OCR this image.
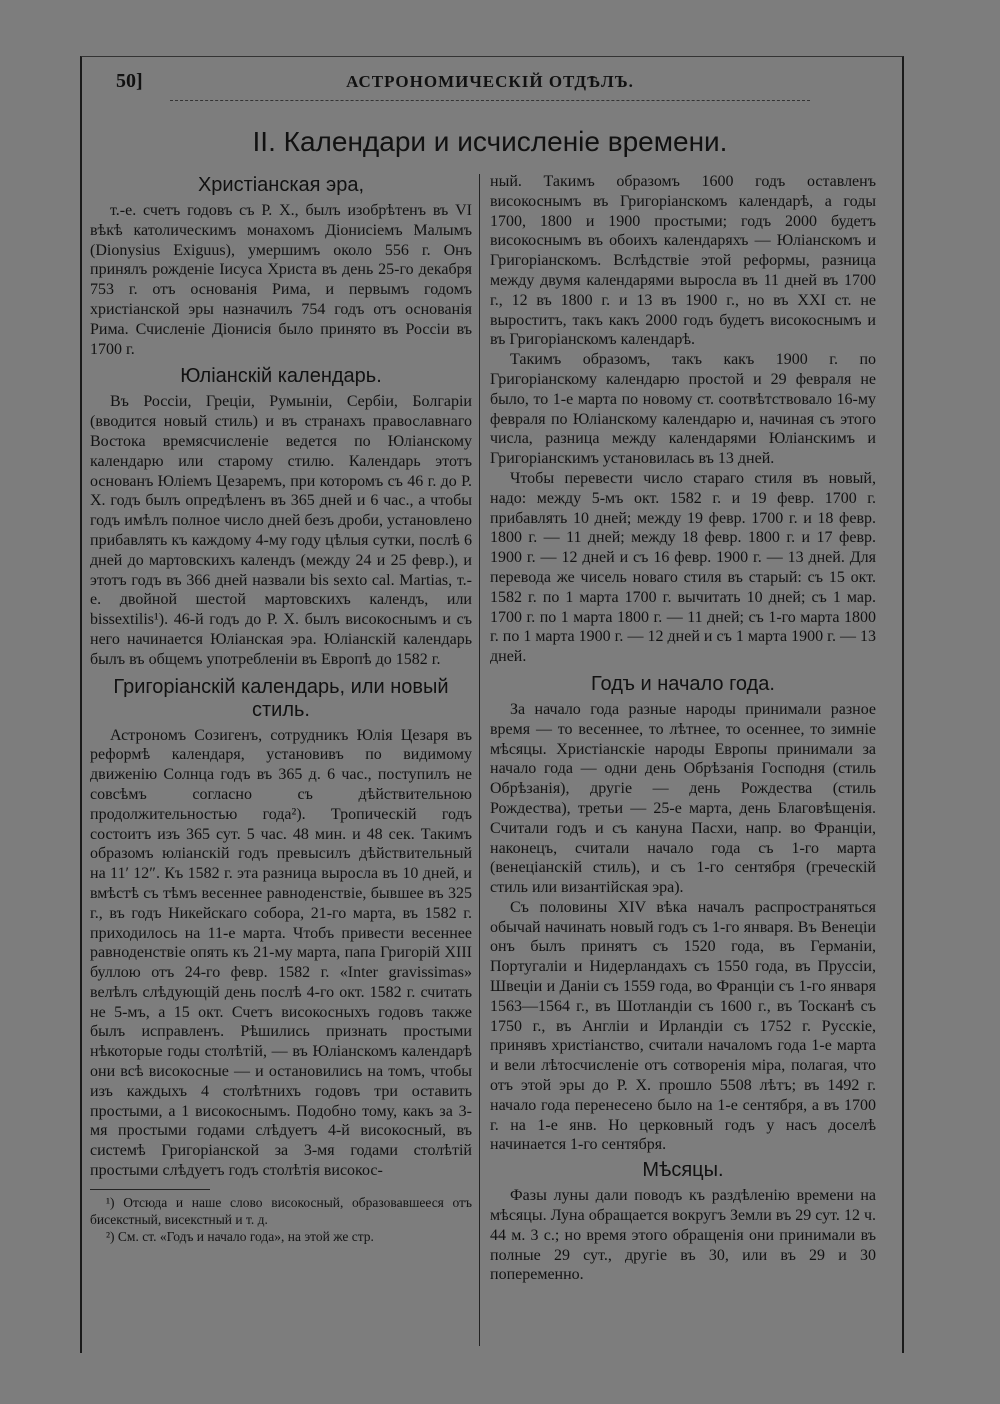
50]	АСТРОНОМИЧЕСКІЙ ОТДѢЛЪ.
II. Календари и исчисленіе времени.
Христіанская эра,

т.-е. счетъ годовъ съ Р. Х., былъ изобрѣтенъ въ VI вѣкѣ католическимъ монахомъ Діонисіемъ Малымъ (Dionysius Exiguus), умершимъ около 556 г. Онъ принялъ рожденіе Іисуса Христа въ день 25-го декабря 753 г. отъ основанія Рима, и первымъ годомъ христіанской эры назначилъ 754 годъ отъ основанія Рима. Счисленіе Діонисія было принято въ Россіи въ 1700 г.

Юліанскій календарь.

Въ Россіи, Греціи, Румыніи, Сербіи, Болгаріи (вводится новый стиль) и въ странахъ православнаго Востока времясчисленіе ведется по Юліанскому календарю или старому стилю. Календарь этотъ основанъ Юліемъ Цезаремъ, при которомъ съ 46 г. до Р. Х. годъ былъ опредѣленъ въ 365 дней и 6 час., а чтобы годъ имѣлъ полное число дней безъ дроби, установлено прибавлять къ каждому 4-му году цѣлыя сутки, послѣ 6 дней до мартовскихъ календъ (между 24 и 25 февр.), и этотъ годъ въ 366 дней назвали bis sexto cal. Martias, т.-е. двойной шестой мартовскихъ календъ, или bissextilis¹). 46-й годъ до Р. Х. былъ високоснымъ и съ него начинается Юліанская эра. Юліанскій календарь былъ въ общемъ употребленіи въ Европѣ до 1582 г.

Григоріанскій календарь, или новый стиль.

Астрономъ Созигенъ, сотрудникъ Юлія Цезаря въ реформѣ календаря, установивъ по видимому движенію Солнца годъ въ 365 д. 6 час., поступилъ не совсѣмъ согласно съ дѣйствительною продолжительностью года²). Тропическій годъ состоитъ изъ 365 сут. 5 час. 48 мин. и 48 сек. Такимъ образомъ юліанскій годъ превысилъ дѣйствительный на 11′ 12″. Къ 1582 г. эта разница выросла въ 10 дней, и вмѣстѣ съ тѣмъ весеннее равноденствіе, бывшее въ 325 г., въ годъ Никейскаго собора, 21-го марта, въ 1582 г. приходилось на 11-е марта. Чтобъ привести весеннее равноденствіе опять къ 21-му марта, папа Григорій XIII буллою отъ 24-го февр. 1582 г. «Inter gravissimas» велѣлъ слѣдующій день послѣ 4-го окт. 1582 г. считать не 5-мъ, а 15 окт. Счетъ високосныхъ годовъ также былъ исправленъ. Рѣшились признать простыми нѣкоторые годы столѣтій, — въ Юліанскомъ календарѣ они всѣ високосные — и остановились на томъ, чтобы изъ каждыхъ 4 столѣтнихъ годовъ три оставить простыми, а 1 високоснымъ. Подобно тому, какъ за 3-мя простыми годами слѣдуетъ 4-й високосный, въ системѣ Григоріанской за 3-мя годами столѣтій простыми слѣдуетъ годъ столѣтія високос-

¹) Отсюда и наше слово високосный, образовавшееся отъ бисекстный, висекстный и т. д.

²) См. ст. «Годъ и начало года», на этой же стр.

ный. Такимъ образомъ 1600 годъ оставленъ високоснымъ въ Григоріанскомъ календарѣ, а годы 1700, 1800 и 1900 простыми; годъ 2000 будетъ високоснымъ въ обоихъ календаряхъ — Юліанскомъ и Григоріанскомъ. Вслѣдствіе этой реформы, разница между двумя календарями выросла въ 11 дней въ 1700 г., 12 въ 1800 г. и 13 въ 1900 г., но въ XXI ст. не выроститъ, такъ какъ 2000 годъ будетъ високоснымъ и въ Григоріанскомъ календарѣ.

Такимъ образомъ, такъ какъ 1900 г. по Григоріанскому календарю простой и 29 февраля не было, то 1-е марта по новому ст. соотвѣтствовало 16-му февраля по Юліанскому календарю и, начиная съ этого числа, разница между календарями Юліанскимъ и Григоріанскимъ установилась въ 13 дней.

Чтобы перевести число стараго стиля въ новый, надо: между 5-мъ окт. 1582 г. и 19 февр. 1700 г. прибавлять 10 дней; между 19 февр. 1700 г. и 18 февр. 1800 г. — 11 дней; между 18 февр. 1800 г. и 17 февр. 1900 г. — 12 дней и съ 16 февр. 1900 г. — 13 дней. Для перевода же чисель новаго стиля въ старый: съ 15 окт. 1582 г. по 1 марта 1700 г. вычитать 10 дней; съ 1 мар. 1700 г. по 1 марта 1800 г. — 11 дней; съ 1-го марта 1800 г. по 1 марта 1900 г. — 12 дней и съ 1 марта 1900 г. — 13 дней.

Годъ и начало года.

За начало года разные народы принимали разное время — то весеннее, то лѣтнее, то осеннее, то зимніе мѣсяцы. Христіанскіе народы Европы принимали за начало года — одни день Обрѣзанія Господня (стиль Обрѣзанія), другіе — день Рождества (стиль Рождества), третьи — 25-е марта, день Благовѣщенія. Считали годъ и съ кануна Пасхи, напр. во Франціи, наконецъ, считали начало года съ 1-го марта (венеціанскій стиль), и съ 1-го сентября (греческій стиль или византійская эра).

Съ половины XIV вѣка началъ распространяться обычай начинать новый годъ съ 1-го января. Въ Венеціи онъ былъ принятъ съ 1520 года, въ Германіи, Португаліи и Нидерландахъ съ 1550 года, въ Пруссіи, Швеціи и Даніи съ 1559 года, во Франціи съ 1-го января 1563—1564 г., въ Шотландіи съ 1600 г., въ Тосканѣ съ 1750 г., въ Англіи и Ирландіи съ 1752 г. Русскіе, принявъ христіанство, считали началомъ года 1-е марта и вели лѣтосчисленіе отъ сотворенія міра, полагая, что отъ этой эры до Р. Х. прошло 5508 лѣтъ; въ 1492 г. начало года перенесено было на 1-е сентября, а въ 1700 г. на 1-е янв. Но церковный годъ у насъ доселѣ начинается 1-го сентября.

Мѣсяцы.

Фазы луны дали поводъ къ раздѣленію времени на мѣсяцы. Луна обращается вокругъ Земли въ 29 сут. 12 ч. 44 м. 3 с.; но время этого обращенія они принимали въ полные 29 сут., другіе въ 30, или въ 29 и 30 попеременно.
